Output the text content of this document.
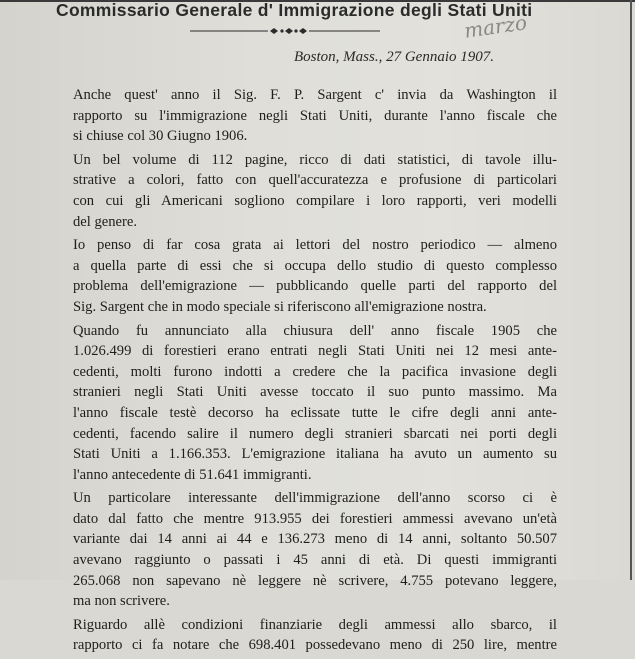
Commissario Generale d' Immigrazione degli Stati Uniti
marzo
Boston, Mass., 27 Gennaio 1907.

Anche quest' anno il Sig. F. P. Sargent c' invia da Washington il
rapporto su l'immigrazione negli Stati Uniti, durante l'anno fiscale che
si chiuse col 30 Giugno 1906.

Un bel volume di 112 pagine, ricco di dati statistici, di tavole illu-
strative a colori, fatto con quell'accuratezza e profusione di particolari
con cui gli Americani sogliono compilare i loro rapporti, veri modelli
del genere.

Io penso di far cosa grata ai lettori del nostro periodico — almeno
a quella parte di essi che si occupa dello studio di questo complesso
problema dell'emigrazione — pubblicando quelle parti del rapporto del
Sig. Sargent che in modo speciale si riferiscono all'emigrazione nostra.

Quando fu annunciato alla chiusura dell' anno fiscale 1905 che
1.026.499 di forestieri erano entrati negli Stati Uniti nei 12 mesi ante-
cedenti, molti furono indotti a credere che la pacifica invasione degli
stranieri negli Stati Uniti avesse toccato il suo punto massimo. Ma
l'anno fiscale testè decorso ha eclissate tutte le cifre degli anni ante-
cedenti, facendo salire il numero degli stranieri sbarcati nei porti degli
Stati Uniti a 1.166.353. L'emigrazione italiana ha avuto un aumento su
l'anno antecedente di 51.641 immigranti.

Un particolare interessante dell'immigrazione dell'anno scorso ci è
dato dal fatto che mentre 913.955 dei forestieri ammessi avevano un'età
variante dai 14 anni ai 44 e 136.273 meno di 14 anni, soltanto 50.507
avevano raggiunto o passati i 45 anni di età. Di questi immigranti
265.068 non sapevano nè leggere nè scrivere, 4.755 potevano leggere,
ma non scrivere.

Riguardo allè condizioni finanziarie degli ammessi allo sbarco, il
rapporto ci fa notare che 698.401 possedevano meno di 250 lire, mentre
